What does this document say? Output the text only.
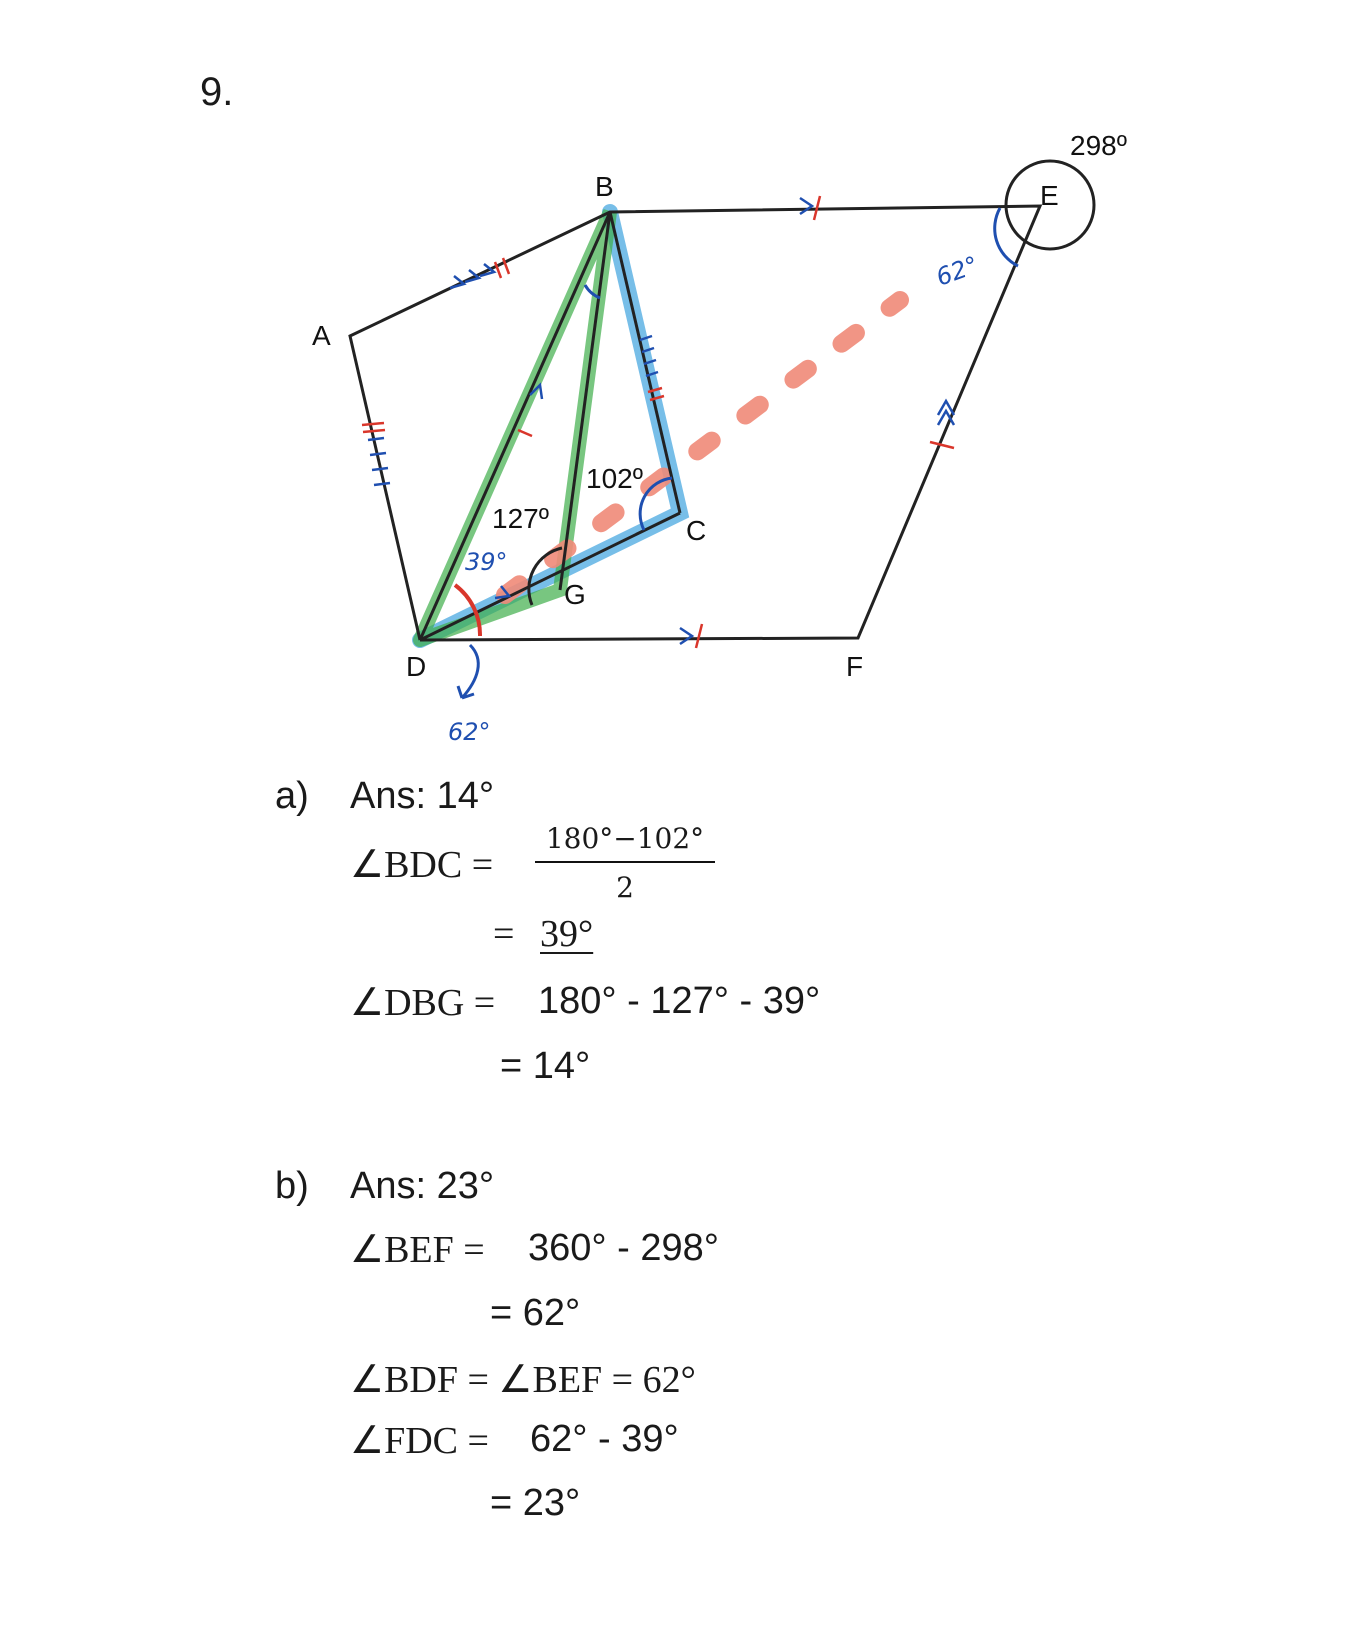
9.
A
B
C
D
E
F
G
102º
127º
298º
39°
62°
62°
a) Ans: 14°
∠BDC = $\frac{180^\circ-102^\circ}{2}$
= 39°
∠DBG = 180° - 127° - 39°
= 14°
b) Ans: 23°
∠BEF = 360° - 298°
= 62°
∠BDF = ∠BEF = 62°
∠FDC = 62° - 39°
= 23°
